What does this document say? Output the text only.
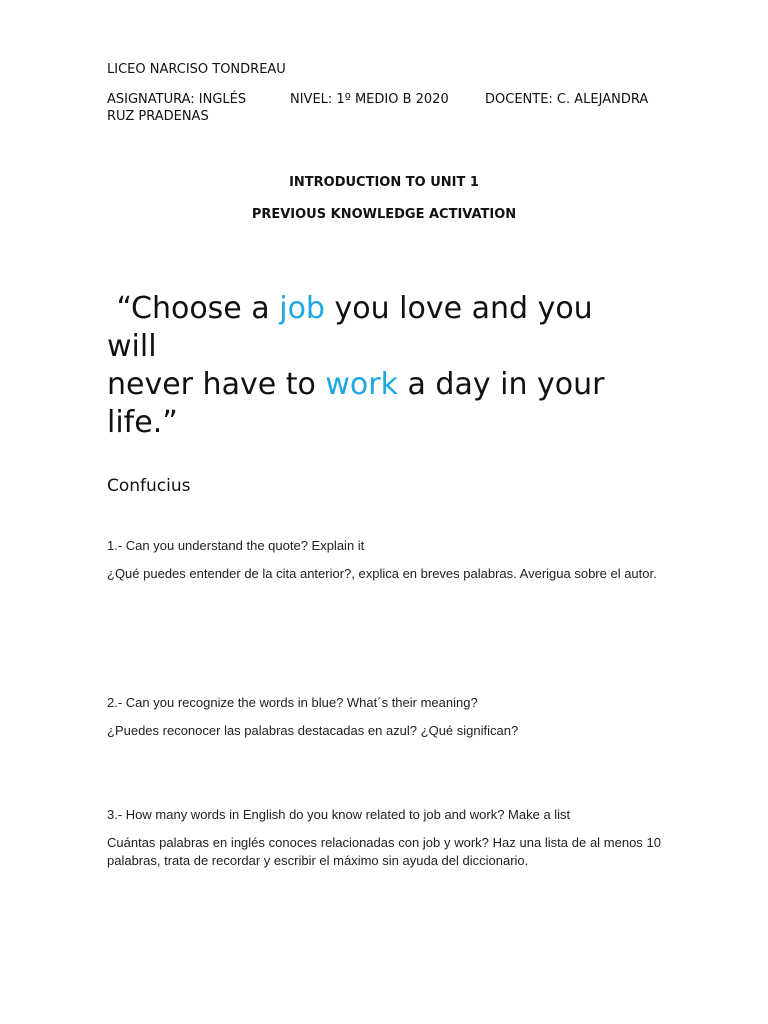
LICEO NARCISO TONDREAU
ASIGNATURA: INGLÉS	NIVEL: 1º MEDIO B 2020	DOCENTE: C. ALEJANDRA
RUZ PRADENAS
INTRODUCTION TO UNIT 1
PREVIOUS KNOWLEDGE ACTIVATION
“Choose a job you love and you
will
never have to work a day in your
life.”
Confucius
1.- Can you understand the quote? Explain it
¿Qué puedes entender de la cita anterior?, explica en breves palabras. Averigua sobre el autor.
2.- Can you recognize the words in blue? What´s their meaning?
¿Puedes reconocer las palabras destacadas en azul? ¿Qué significan?
3.- How many words in English do you know related to job and work? Make a list
Cuántas palabras en inglés conoces relacionadas con job y work? Haz una lista de al menos 10 palabras, trata de recordar y escribir el máximo sin ayuda del diccionario.
